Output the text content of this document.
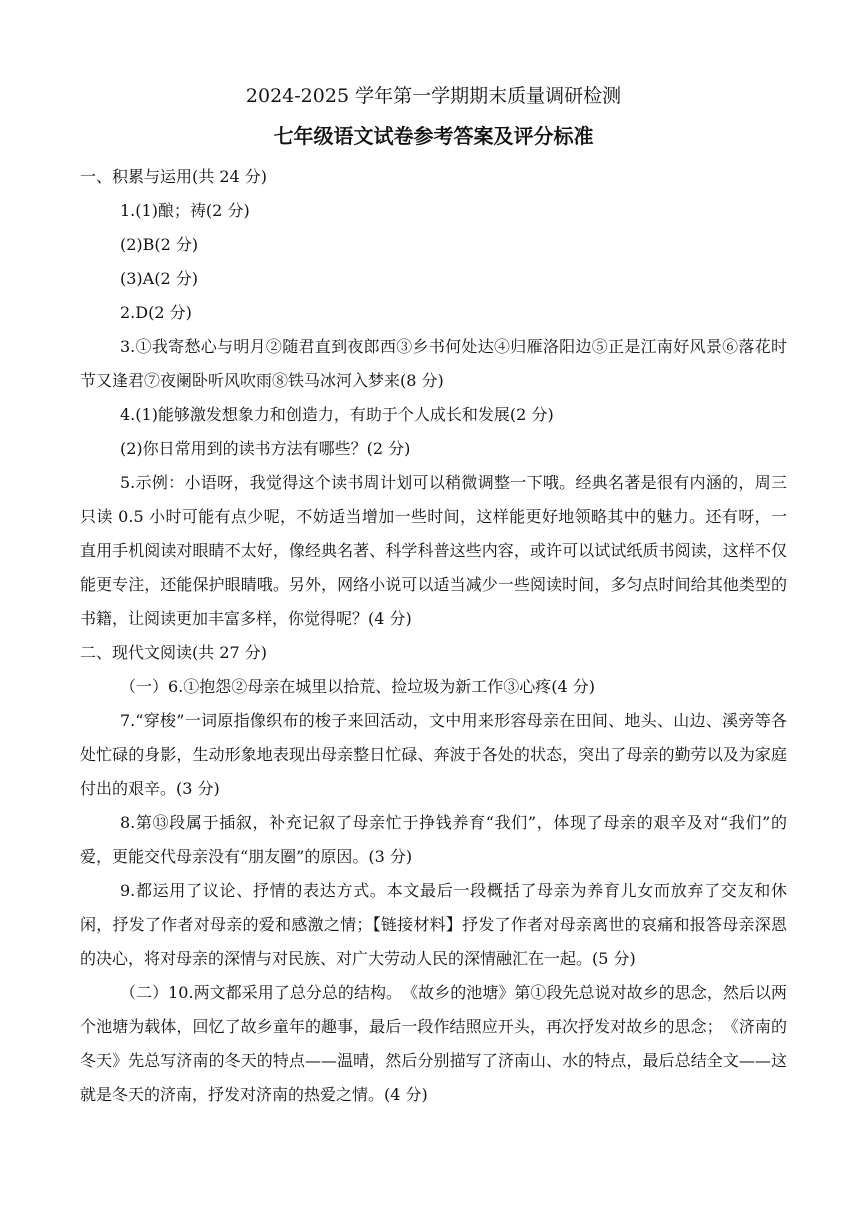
2024-2025 学年第一学期期末质量调研检测
七年级语文试卷参考答案及评分标准

一、积累与运用(共 24 分)

1.(1)酿；祷(2 分)

(2)B(2 分)

(3)A(2 分)

2.D(2 分)

3.①我寄愁心与明月②随君直到夜郎西③乡书何处达④归雁洛阳边⑤正是江南好风景⑥落花时节又逢君⑦夜阑卧听风吹雨⑧铁马冰河入梦来(8 分)

4.(1)能够激发想象力和创造力，有助于个人成长和发展(2 分)

(2)你日常用到的读书方法有哪些？(2 分)

5.示例：小语呀，我觉得这个读书周计划可以稍微调整一下哦。经典名著是很有内涵的，周三只读 0.5 小时可能有点少呢，不妨适当增加一些时间，这样能更好地领略其中的魅力。还有呀，一直用手机阅读对眼睛不太好，像经典名著、科学科普这些内容，或许可以试试纸质书阅读，这样不仅能更专注，还能保护眼睛哦。另外，网络小说可以适当减少一些阅读时间，多匀点时间给其他类型的书籍，让阅读更加丰富多样，你觉得呢？(4 分)

二、现代文阅读(共 27 分)

（一）6.①抱怨②母亲在城里以拾荒、捡垃圾为新工作③心疼(4 分)

7.“穿梭”一词原指像织布的梭子来回活动，文中用来形容母亲在田间、地头、山边、溪旁等各处忙碌的身影，生动形象地表现出母亲整日忙碌、奔波于各处的状态，突出了母亲的勤劳以及为家庭付出的艰辛。(3 分)

8.第⑬段属于插叙，补充记叙了母亲忙于挣钱养育“我们”，体现了母亲的艰辛及对“我们”的爱，更能交代母亲没有“朋友圈”的原因。(3 分)

9.都运用了议论、抒情的表达方式。本文最后一段概括了母亲为养育儿女而放弃了交友和休闲，抒发了作者对母亲的爱和感激之情；【链接材料】抒发了作者对母亲离世的哀痛和报答母亲深恩的决心，将对母亲的深情与对民族、对广大劳动人民的深情融汇在一起。(5 分)

（二）10.两文都采用了总分总的结构。　《故乡的池塘》第①段先总说对故乡的思念，然后以两个池塘为载体，回忆了故乡童年的趣事，最后一段作结照应开头，再次抒发对故乡的思念；　《济南的冬天》先总写济南的冬天的特点——温晴，然后分别描写了济南山、水的特点，最后总结全文——这就是冬天的济南，抒发对济南的热爱之情。(4 分)
